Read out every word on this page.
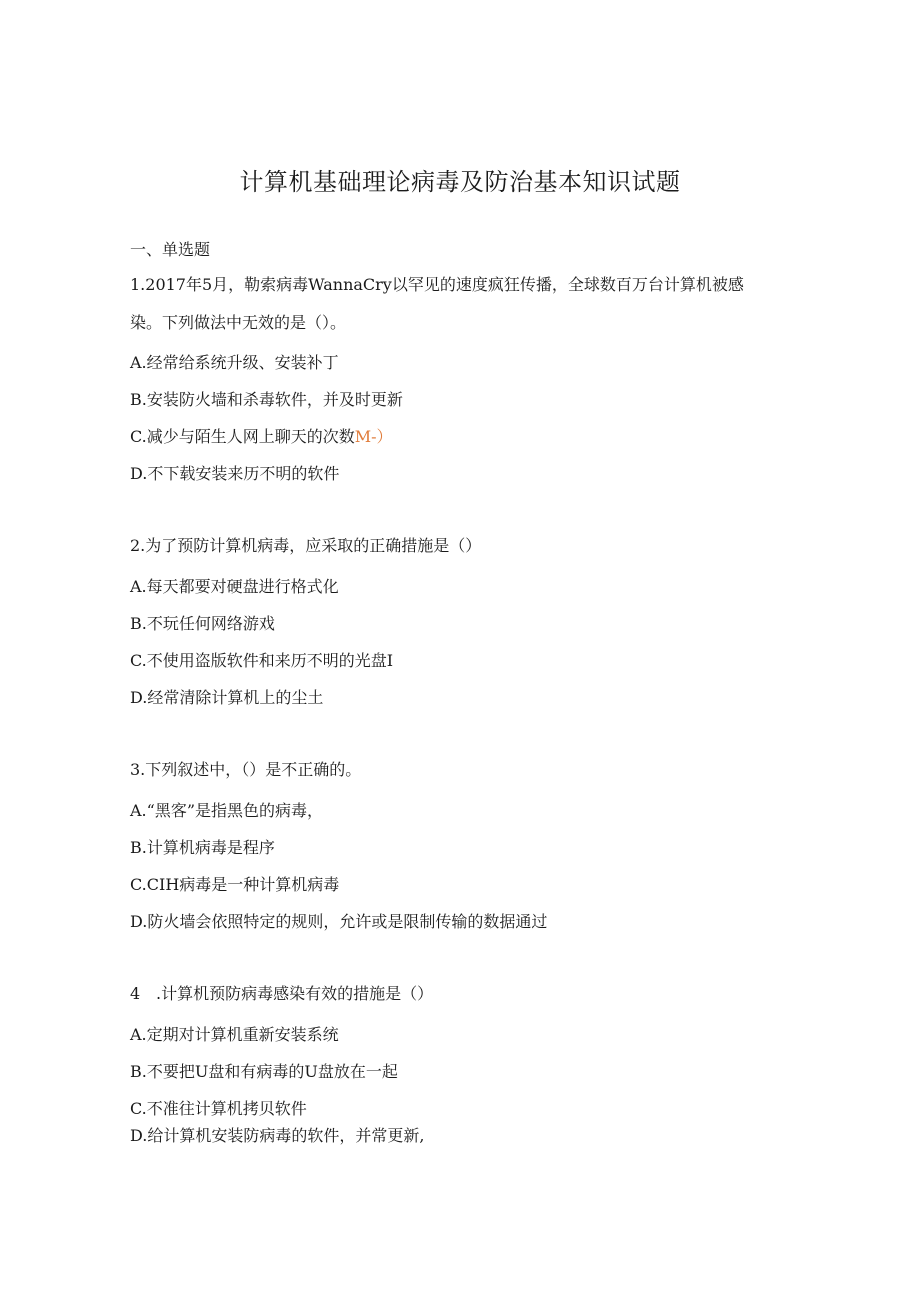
计算机基础理论病毒及防治基本知识试题
一、单选题
1.2017年5月，勒索病毒WannaCry以罕见的速度疯狂传播，全球数百万台计算机被感
染。下列做法中无效的是（）。
A.经常给系统升级、安装补丁
B.安装防火墙和杀毒软件，并及时更新
C.减少与陌生人网上聊天的次数M-）
D.不下载安装来历不明的软件
2.为了预防计算机病毒，应采取的正确措施是（）
A.每天都要对硬盘进行格式化
B.不玩任何网络游戏
C.不使用盗版软件和来历不明的光盘I
D.经常清除计算机上的尘土
3.下列叙述中，（）是不正确的。
A.“黑客”是指黑色的病毒，
B.计算机病毒是程序
C.CIH病毒是一种计算机病毒
D.防火墙会依照特定的规则，允许或是限制传输的数据通过
4 .计算机预防病毒感染有效的措施是（）
A.定期对计算机重新安装系统
B.不要把U盘和有病毒的U盘放在一起
C.不准往计算机拷贝软件
D.给计算机安装防病毒的软件，并常更新,
